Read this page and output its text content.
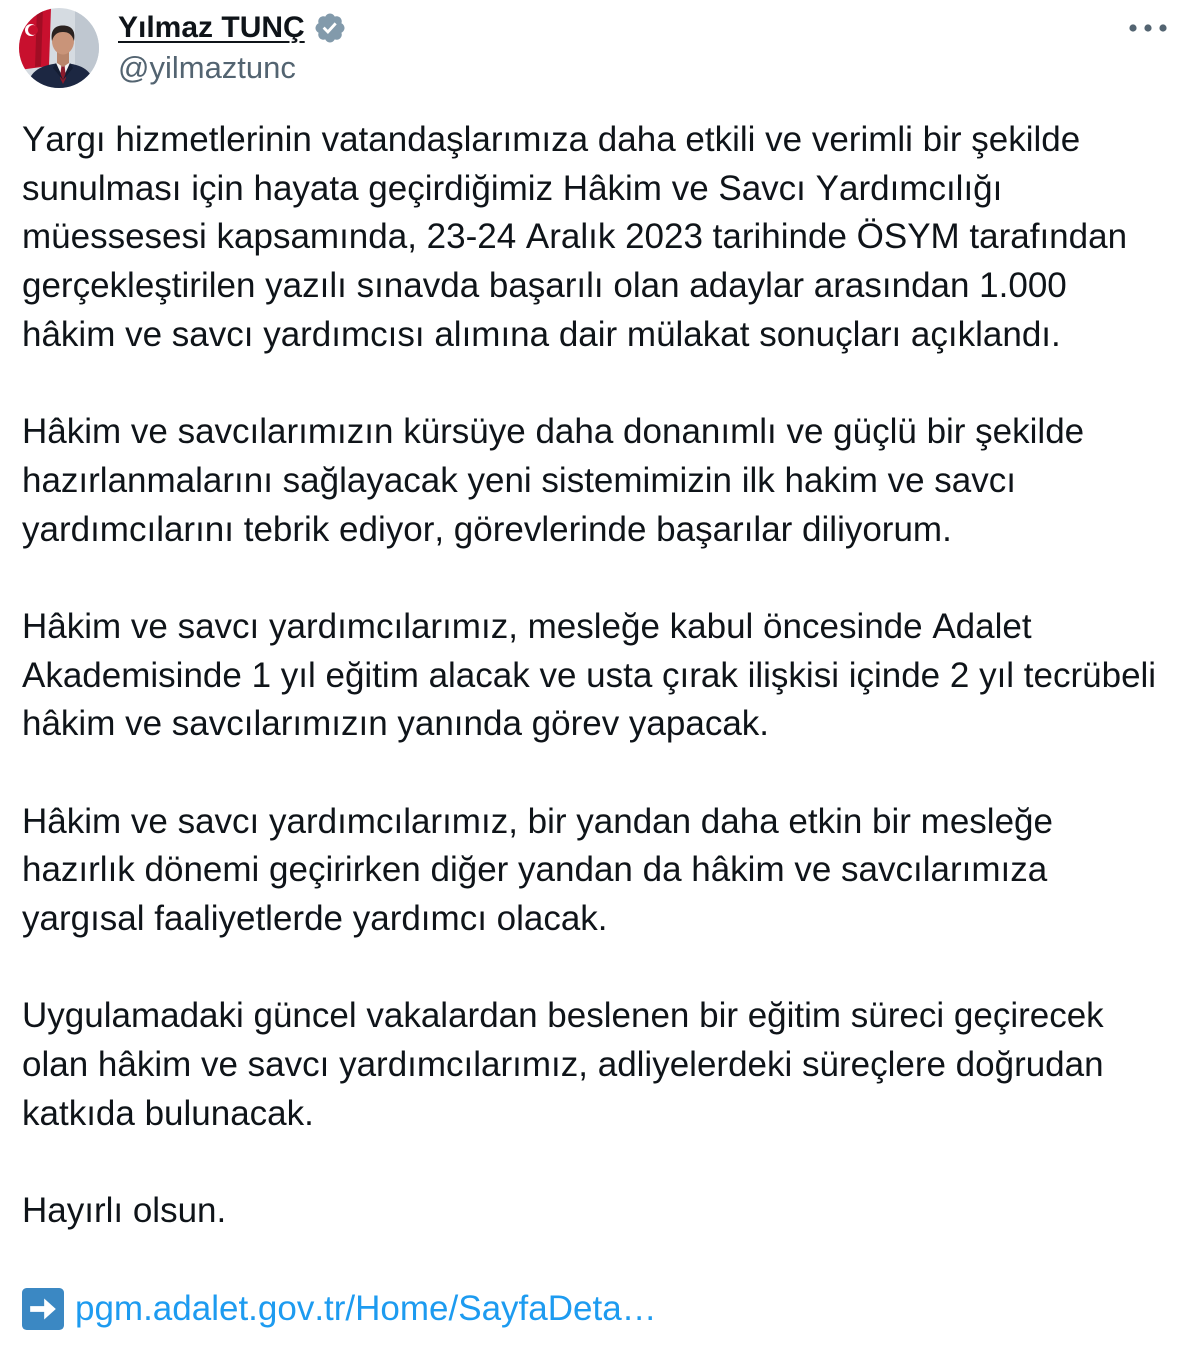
Yılmaz TUNÇ
@yilmaztunc
Yargı hizmetlerinin vatandaşlarımıza daha etkili ve verimli bir şekilde
sunulması için hayata geçirdiğimiz Hâkim ve Savcı Yardımcılığı
müessesesi kapsamında, 23-24 Aralık 2023 tarihinde ÖSYM tarafından
gerçekleştirilen yazılı sınavda başarılı olan adaylar arasından 1.000
hâkim ve savcı yardımcısı alımına dair mülakat sonuçları açıklandı.
Hâkim ve savcılarımızın kürsüye daha donanımlı ve güçlü bir şekilde
hazırlanmalarını sağlayacak yeni sistemimizin ilk hakim ve savcı
yardımcılarını tebrik ediyor, görevlerinde başarılar diliyorum.
Hâkim ve savcı yardımcılarımız, mesleğe kabul öncesinde Adalet
Akademisinde 1 yıl eğitim alacak ve usta çırak ilişkisi içinde 2 yıl tecrübeli
hâkim ve savcılarımızın yanında görev yapacak.
Hâkim ve savcı yardımcılarımız, bir yandan daha etkin bir mesleğe
hazırlık dönemi geçirirken diğer yandan da hâkim ve savcılarımıza
yargısal faaliyetlerde yardımcı olacak.
Uygulamadaki güncel vakalardan beslenen bir eğitim süreci geçirecek
olan hâkim ve savcı yardımcılarımız, adliyelerdeki süreçlere doğrudan
katkıda bulunacak.
Hayırlı olsun.
pgm.adalet.gov.tr/Home/SayfaDeta…
